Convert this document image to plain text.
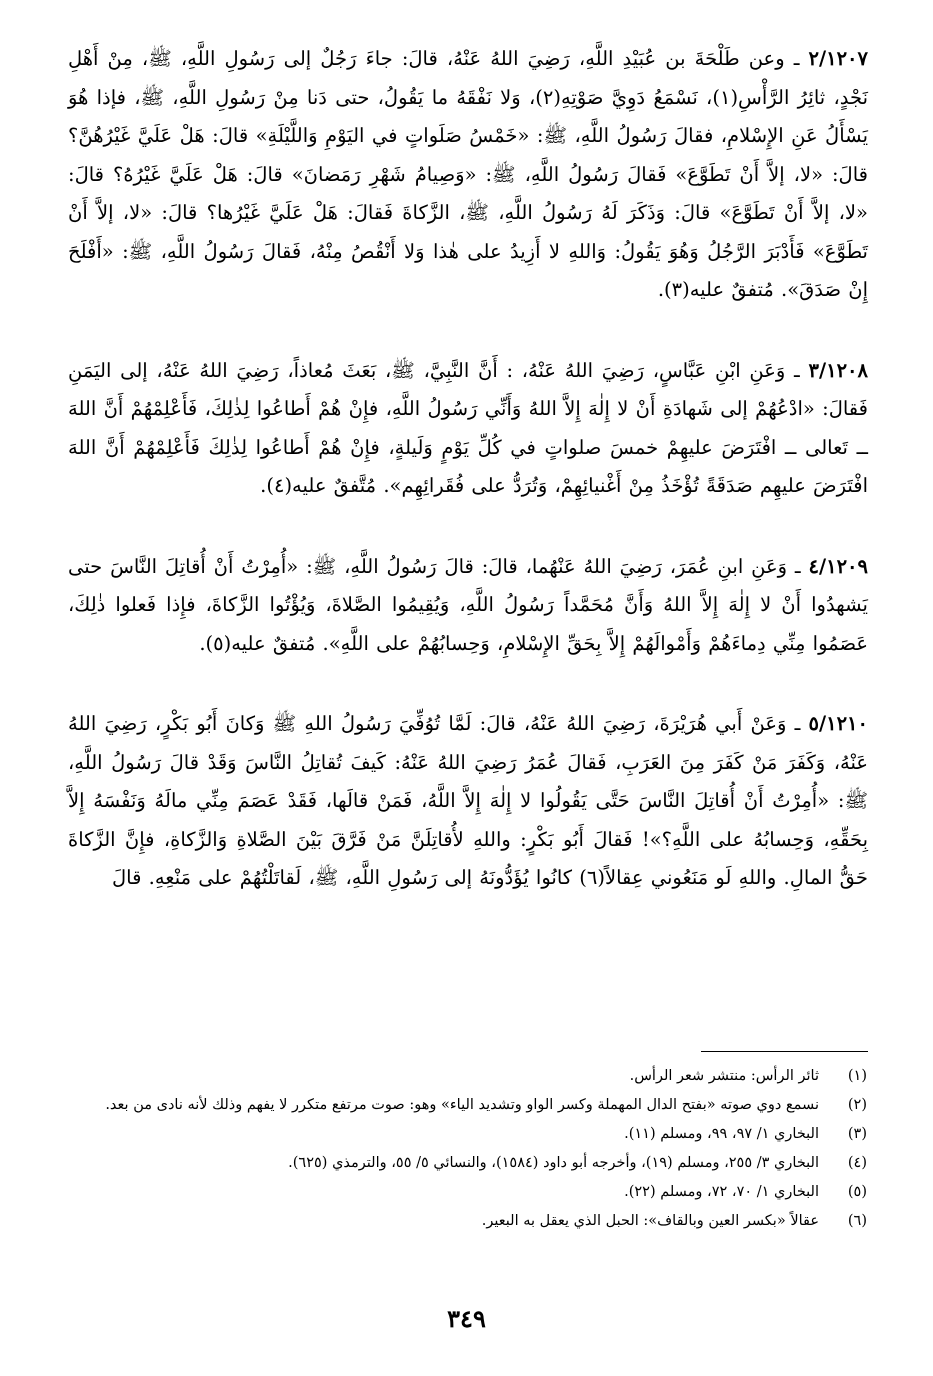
٢/١٢٠٧ ـ وعن طَلْحَةَ بن عُبَيْدِ اللَّهِ، رَضِيَ اللهُ عَنْهُ، قالَ: جاءَ رَجُلٌ إلى رَسُولِ اللَّهِ، ﷺ، مِنْ أَهْلِ نَجْدٍ، ثائِرُ الرَّأْسِ(١)، نَسْمَعُ دَوِيَّ صَوْتِهِ(٢)، وَلا نَفْقَهُ ما يَقُولُ، حتى دَنا مِنْ رَسُولِ اللَّهِ، ﷺ، فإذا هُوَ يَسْأَلُ عَنِ الإِسْلامِ، فقالَ رَسُولُ اللَّهِ، ﷺ: «خَمْسُ صَلَواتٍ في اليَوْمِ وَاللَّيْلَةِ» قالَ: هَلْ عَلَيَّ غَيْرُهُنَّ؟ قالَ: «لا، إلاَّ أَنْ تَطَوَّعَ» فَقالَ رَسُولُ اللَّهِ، ﷺ: «وَصِيامُ شَهْرِ رَمَضانَ» قالَ: هَلْ عَلَيَّ غَيْرُهُ؟ قالَ: «لا، إلاَّ أَنْ تَطَوَّعَ» قالَ: وَذَكَرَ لَهُ رَسُولُ اللَّهِ، ﷺ، الزَّكاةَ فَقالَ: هَلْ عَلَيَّ غَيْرُها؟ قالَ: «لا، إلاَّ أَنْ تَطَوَّعَ» فَأَدْبَرَ الرَّجُلُ وَهُوَ يَقُولُ: وَاللهِ لا أَزِيدُ على هٰذا وَلا أَنْقُصُ مِنْهُ، فَقالَ رَسُولُ اللَّهِ، ﷺ: «أَفْلَحَ إِنْ صَدَقَ». مُتفقٌ عليه(٣).

٣/١٢٠٨ ـ وَعَنِ ابْنِ عَبَّاسٍ، رَضِيَ اللهُ عَنْهُ، : أَنَّ النَّبِيَّ، ﷺ، بَعَثَ مُعاذاً، رَضِيَ اللهُ عَنْهُ، إلى اليَمَنِ فَقالَ: «ادْعُهُمْ إلى شَهادَةِ أَنْ لا إِلٰهَ إِلاَّ اللهُ وَأَنِّي رَسُولُ اللَّهِ، فإِنْ هُمْ أَطاعُوا لِذٰلِكَ، فَأَعْلِمْهُمْ أَنَّ اللهَ ــ تَعالى ــ افْتَرَضَ عليهِمْ خمسَ صلواتٍ في كُلِّ يَوْمٍ وَلَيلةٍ، فإِنْ هُمْ أَطاعُوا لِذٰلِكَ فَأَعْلِمْهُمْ أَنَّ اللهَ افْتَرَضَ عليهِم صَدَقَةً تُؤْخَذُ مِنْ أَغْنيائِهِمْ، وَتُرَدُّ على فُقَرائِهِم». مُتَّفقٌ عليه(٤).

٤/١٢٠٩ ـ وَعَنِ ابنِ عُمَرَ، رَضِيَ اللهُ عَنْهُما، قالَ: قالَ رَسُولُ اللَّهِ، ﷺ: «أُمِرْتُ أَنْ أُقاتِلَ النَّاسَ حتى يَشهدُوا أَنْ لا إِلٰهَ إِلاَّ اللهُ وَأَنَّ مُحَمَّداً رَسُولُ اللَّهِ، وَيُقِيمُوا الصَّلاةَ، وَيُؤْتُوا الزَّكاةَ، فإِذا فَعلوا ذٰلِكَ، عَصَمُوا مِنِّي دِماءَهُمْ وَأَمْوالَهُمْ إِلاَّ بِحَقِّ الإِسْلامِ، وَحِسابُهُمْ على اللَّهِ». مُتفقٌ عليه(٥).

٥/١٢١٠ ـ وَعَنْ أَبي هُرَيْرَةَ، رَضِيَ اللهُ عَنْهُ، قالَ: لَمَّا تُوُفِّيَ رَسُولُ اللهِ ﷺ وَكانَ أَبُو بَكْرٍ، رَضِيَ اللهُ عَنْهُ، وَكَفَرَ مَنْ كَفَرَ مِنَ العَرَبِ، فَقالَ عُمَرُ رَضِيَ اللهُ عَنْهُ: كَيفَ تُقاتِلُ النَّاسَ وَقَدْ قالَ رَسُولُ اللَّهِ، ﷺ: «أُمِرْتُ أَنْ أُقاتِلَ النَّاسَ حَتَّى يَقُولُوا لا إِلٰهَ إِلاَّ اللَّهُ، فَمَنْ قالَها، فَقَدْ عَصَمَ مِنِّي مالَهُ وَنَفْسَهُ إِلاَّ بِحَقِّهِ، وَحِسابُهُ على اللَّهِ؟»! فَقالَ أَبُو بَكْرٍ: واللهِ لأُقاتِلَنَّ مَنْ فَرَّقَ بَيْنَ الصَّلاةِ وَالزَّكاةِ، فإِنَّ الزَّكاةَ حَقُّ المالِ. واللهِ لَو مَنَعُوني عِقالاً(٦) كانُوا يُؤَدُّونَهُ إلى رَسُولِ اللَّهِ، ﷺ، لَقاتَلْتُهُمْ على مَنْعِهِ. قالَ

(١)
ثائر الرأس: منتشر شعر الرأس.
(٢)
نسمع دوي صوته «بفتح الدال المهملة وكسر الواو وتشديد الياء» وهو: صوت مرتفع متكرر لا يفهم وذلك لأنه نادى من بعد.
(٣)
البخاري ١/ ٩٧، ٩٩، ومسلم (١١).
(٤)
البخاري ٣/ ٢٥٥، ومسلم (١٩)، وأخرجه أبو داود (١٥٨٤)، والنسائي ٥/ ٥٥، والترمذي (٦٢٥).
(٥)
البخاري ١/ ٧٠، ٧٢، ومسلم (٢٢).
(٦)
عقالاً «بكسر العين وبالقاف»: الحبل الذي يعقل به البعير.
٣٤٩
